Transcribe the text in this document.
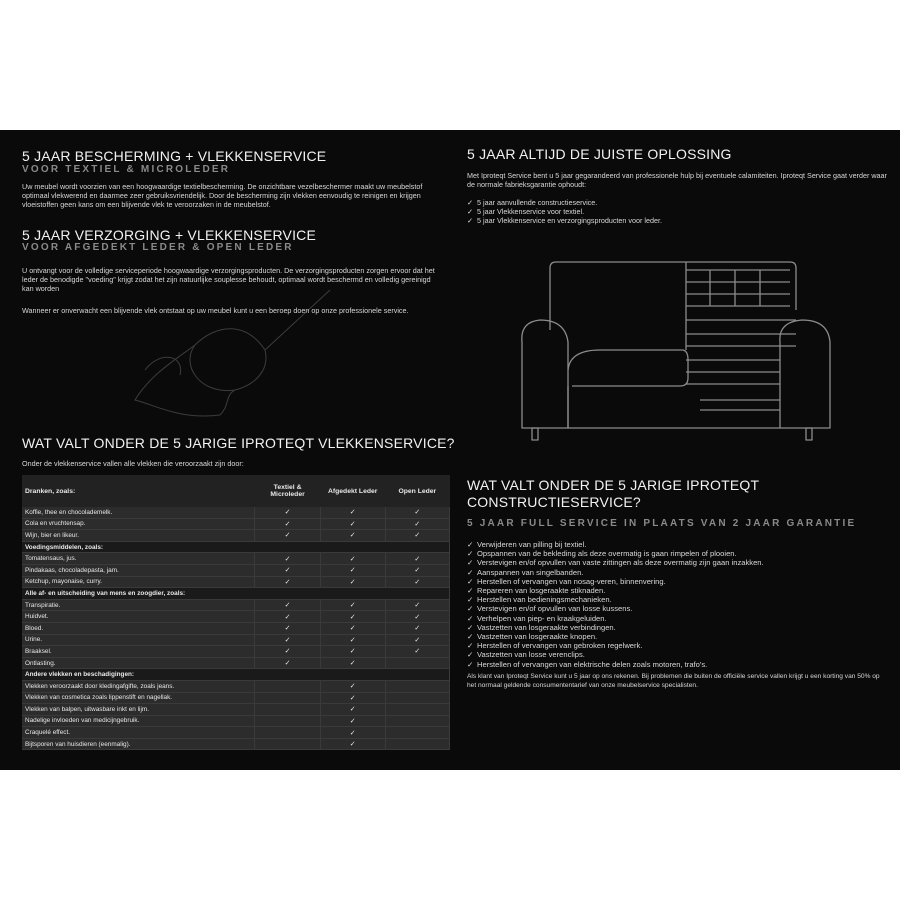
5 JAAR BESCHERMING + VLEKKENSERVICE
VOOR TEXTIEL & MICROLEDER

Uw meubel wordt voorzien van een hoogwaardige textielbescherming. De onzichtbare vezelbeschermer maakt uw meubelstof optimaal vlekwerend en daarmee zeer gebruiksvriendelijk. Door de bescherming zijn vlekken eenvoudig te reinigen en krijgen vloeistoffen geen kans om een blijvende vlek te veroorzaken in de meubelstof.

5 JAAR VERZORGING + VLEKKENSERVICE
VOOR AFGEDEKT LEDER & OPEN LEDER

U ontvangt voor de volledige serviceperiode hoogwaardige verzorgingsproducten. De verzorgingsproducten zorgen ervoor dat het leder de benodigde "voeding" krijgt zodat het zijn natuurlijke souplesse behoudt, optimaal wordt beschermd en volledig gereinigd kan worden

Wanneer er onverwacht een blijvende vlek ontstaat op uw meubel kunt u een beroep doen op onze professionele service.

WAT VALT ONDER DE 5 JARIGE IPROTEQT VLEKKENSERVICE?

Onder de vlekkenservice vallen alle vlekken die veroorzaakt zijn door:

Dranken, zoals:	Textiel & Microleder	Afgedekt Leder	Open Leder
Koffie, thee en chocolademelk.	✓	✓	✓
Cola en vruchtensap.	✓	✓	✓
Wijn, bier en likeur.	✓	✓	✓
Voedingsmiddelen, zoals:			
Tomatensaus, jus.	✓	✓	✓
Pindakaas, chocoladepasta, jam.	✓	✓	✓
Ketchup, mayonaise, curry.	✓	✓	✓
Alle af- en uitscheiding van mens en zoogdier, zoals:			
Transpiratie.	✓	✓	✓
Huidvet.	✓	✓	✓
Bloed.	✓	✓	✓
Urine.	✓	✓	✓
Braaksel.	✓	✓	✓
Ontlasting.	✓	✓	
Andere vlekken en beschadigingen:			
Vlekken veroorzaakt door kledingafgifte, zoals jeans.		✓	
Vlekken van cosmetica zoals lippenstift en nagellak.		✓	
Vlekken van balpen, uitwasbare inkt en lijm.		✓	
Nadelige invloeden van medicijngebruik.		✓	
Craquelé effect.		✓	
Bijtsporen van huisdieren (eenmalig).		✓	
5 JAAR ALTIJD DE JUISTE OPLOSSING

Met Iproteqt Service bent u 5 jaar gegarandeerd van professionele hulp bij eventuele calamiteiten. Iproteqt Service gaat verder waar de normale fabrieksgarantie ophoudt:

✓ 5 jaar aanvullende constructieservice.
✓ 5 jaar Vlekkenservice voor textiel.
✓ 5 jaar Vlekkenservice en verzorgingsproducten voor leder.
WAT VALT ONDER DE 5 JARIGE IPROTEQT
CONSTRUCTIESERVICE?
5 JAAR FULL SERVICE IN PLAATS VAN 2 JAAR GARANTIE
✓ Verwijderen van pilling bij textiel.
✓ Opspannen van de bekleding als deze overmatig is gaan rimpelen of plooien.
✓ Verstevigen en/of opvullen van vaste zittingen als deze overmatig zijn gaan inzakken.
✓ Aanspannen van singelbanden.
✓ Herstellen of vervangen van nosag-veren, binnenvering.
✓ Repareren van losgeraakte stiknaden.
✓ Herstellen van bedieningsmechanieken.
✓ Verstevigen en/of opvullen van losse kussens.
✓ Verhelpen van piep- en kraakgeluiden.
✓ Vastzetten van losgeraakte verbindingen.
✓ Vastzetten van losgeraakte knopen.
✓ Herstellen of vervangen van gebroken regelwerk.
✓ Vastzetten van losse verenclips.
✓ Herstellen of vervangen van elektrische delen zoals motoren, trafo's.

Als klant van Iproteqt Service kunt u 5 jaar op ons rekenen. Bij problemen die buiten de officiële service vallen krijgt u een korting van 50% op het normaal geldende consumententarief van onze meubelservice specialisten.
